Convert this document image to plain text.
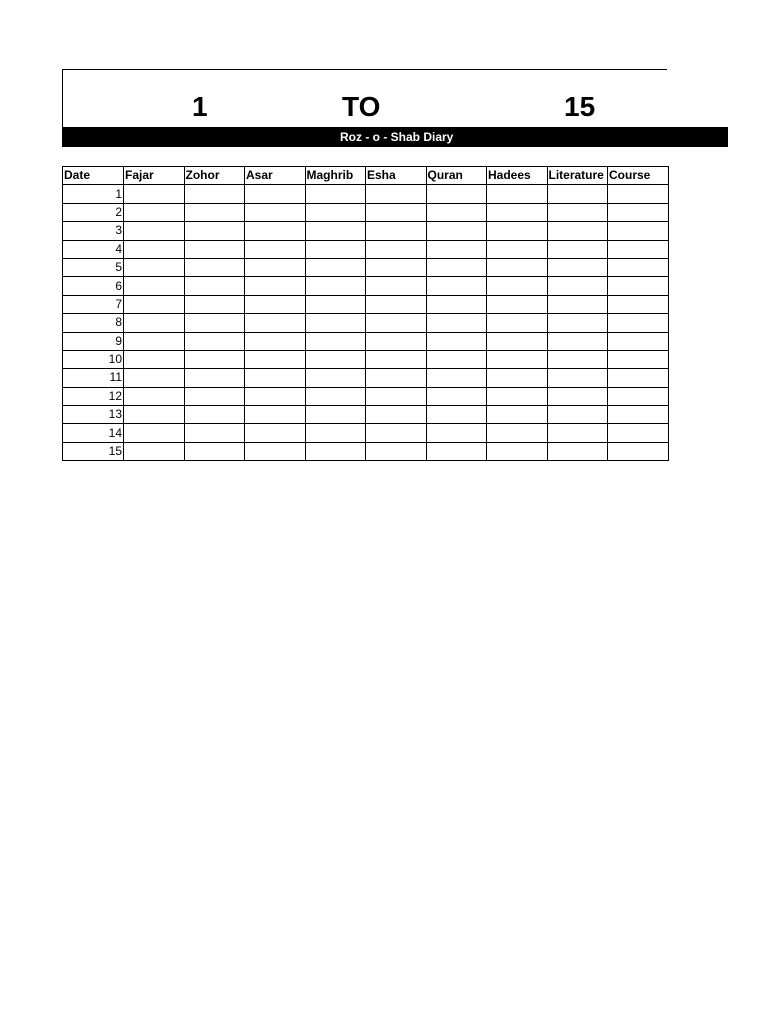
1	TO	15
Roz - o - Shab Diary
Date	Fajar	Zohor	Asar	Maghrib	Esha	Quran	Hadees	Literature	Course
1									
2									
3									
4									
5									
6									
7									
8									
9									
10									
11									
12									
13									
14									
15									
